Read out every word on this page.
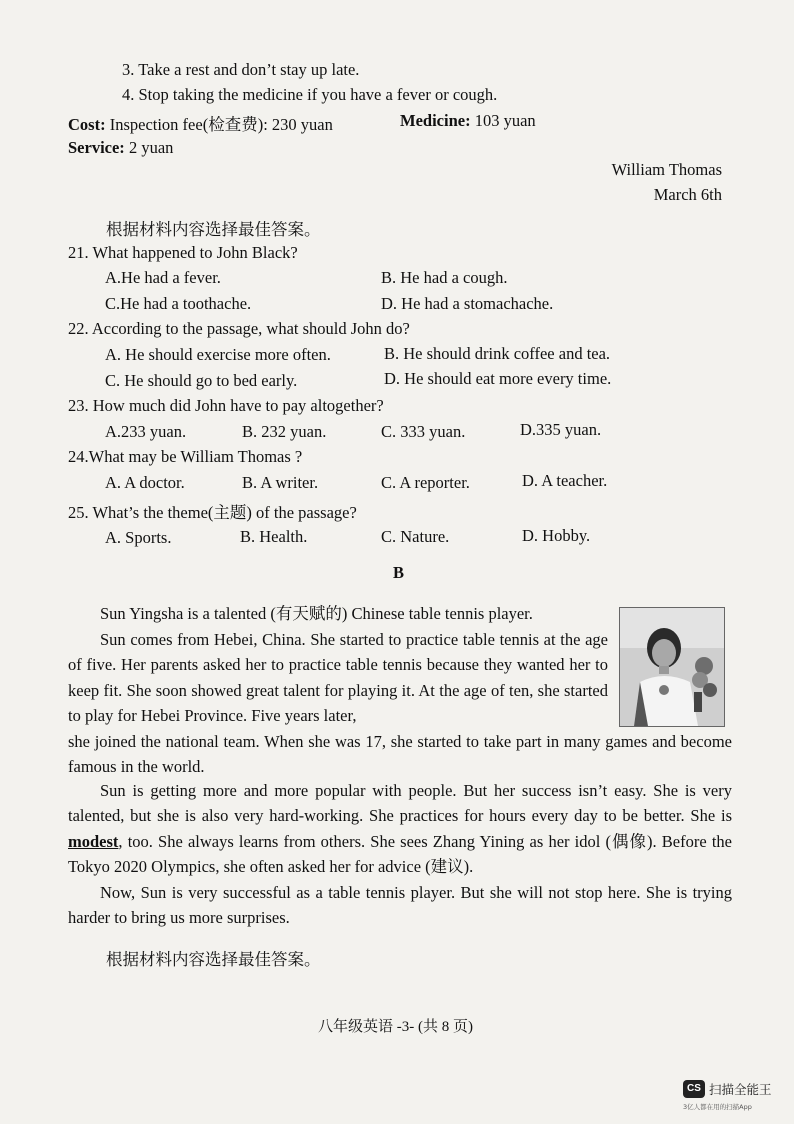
3. Take a rest and don’t stay up late.
4. Stop taking the medicine if you have a fever or cough.
Cost: Inspection fee(检查费): 230 yuan	Medicine: 103 yuan
Service: 2 yuan
William Thomas
March 6th
根据材料内容选择最佳答案。
21. What happened to John Black?
A.He had a fever.	B. He had a cough.
C.He had a toothache.	D. He had a stomachache.
22. According to the passage, what should John do?
A. He should exercise more often.	B. He should drink coffee and tea.
C. He should go to bed early.	D. He should eat more every time.
23. How much did John have to pay altogether?
A.233 yuan.	B. 232 yuan.	C. 333 yuan.	D.335 yuan.
24.What may be William Thomas ?
A. A doctor.	B. A writer.	C. A reporter.	D. A teacher.
25. What’s the theme(主题) of the passage?
A. Sports.	B. Health.	C. Nature.	D. Hobby.
B
Sun Yingsha is a talented (有天赋的) Chinese table tennis player.
Sun comes from Hebei, China. She started to practice table tennis at the age of five. Her parents asked her to practice table tennis because they wanted her to keep fit. She soon showed great talent for playing it. At the age of ten, she started to play for Hebei Province. Five years later,
she joined the national team. When she was 17, she started to take part in many games and become famous in the world.
Sun is getting more and more popular with people. But her success isn’t easy. She is very talented, but she is also very hard-working. She practices for hours every day to be better. She is modest, too. She always learns from others. She sees Zhang Yining as her idol (偶像). Before the Tokyo 2020 Olympics, she often asked her for advice (建议).
Now, Sun is very successful as a table tennis player. But she will not stop here. She is trying harder to bring us more surprises.
根据材料内容选择最佳答案。
八年级英语 -3- (共 8 页)
CS 扫描全能王
3亿人都在用的扫描App
